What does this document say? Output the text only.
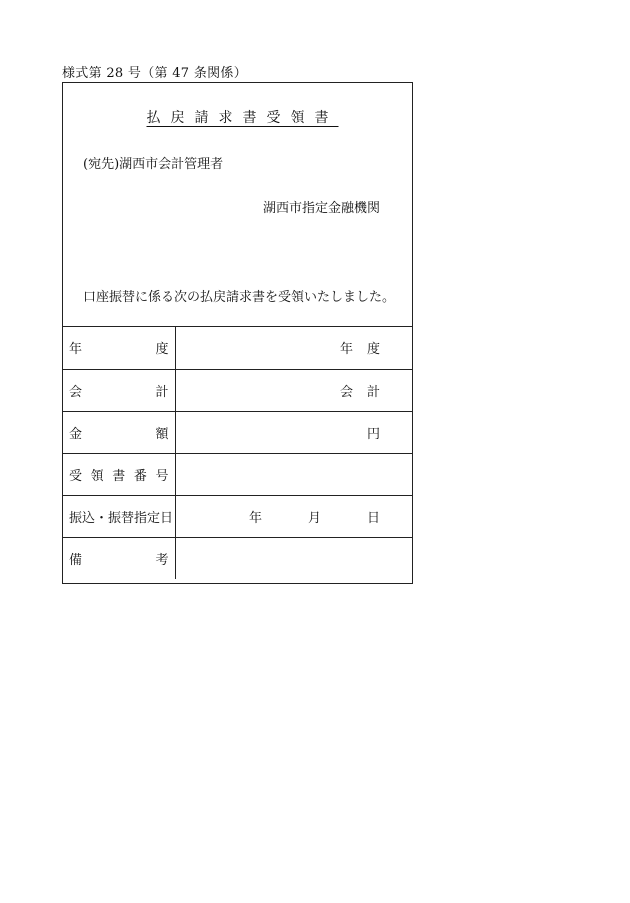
様式第 28 号（第 47 条関係）
払戻請求書受領書
(宛先)湖西市会計管理者
湖西市指定金融機関
口座振替に係る次の払戻請求書を受領いたしました。
年 度	年 度

会 計	会 計

金 額	円

受 領 書 番 号	

振込・振替指定日	年 月 日

備 考	
